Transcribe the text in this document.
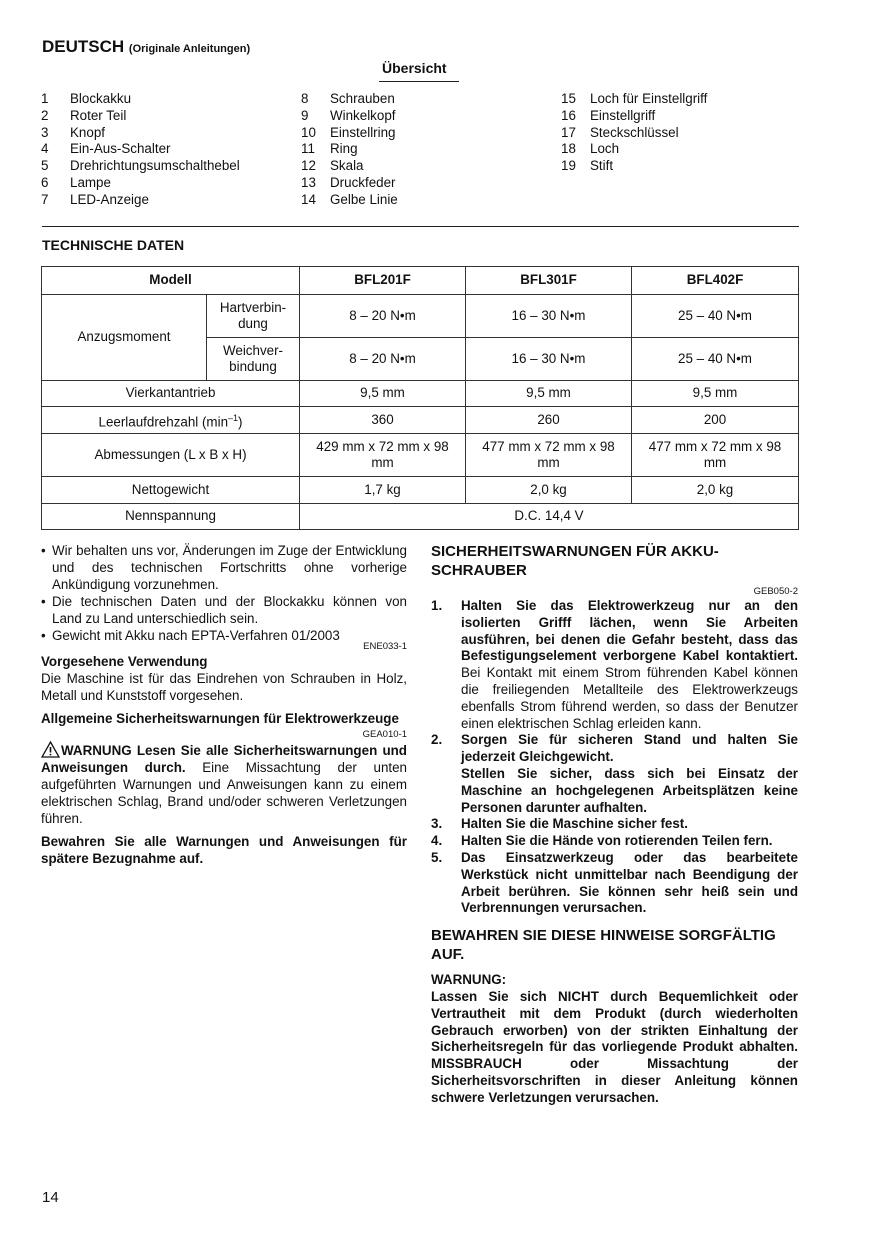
DEUTSCH (Originale Anleitungen)
Übersicht
1	Blockakku
2	Roter Teil
3	Knopf
4	Ein-Aus-Schalter
5	Drehrichtungsumschalthebel
6	Lampe
7	LED-Anzeige
8	Schrauben
9	Winkelkopf
10	Einstellring
11	Ring
12	Skala
13	Druckfeder
14	Gelbe Linie
15	Loch für Einstellgriff
16	Einstellgriff
17	Steckschlüssel
18	Loch
19	Stift
TECHNISCHE DATEN
Modell		BFL201F	BFL301F	BFL402F
Anzugsmoment	Hartverbin-dung	8 – 20 N•m	16 – 30 N•m	25 – 40 N•m
	Weichver-bindung	8 – 20 N•m	16 – 30 N•m	25 – 40 N•m
Vierkantantrieb		9,5 mm	9,5 mm	9,5 mm
Leerlaufdrehzahl $(\min^{-1})$		360	260	200
Abmessungen (L x B x H)		429 mm x 72 mm x 98 mm	477 mm x 72 mm x 98 mm	477 mm x 72 mm x 98 mm
Nettogewicht		1,7 kg	2,0 kg	2,0 kg
Nennspannung		D.C. 14,4 V		
• Wir behalten uns vor, Änderungen im Zuge der Entwicklung und des technischen Fortschritts ohne vorherige Ankündigung vorzunehmen.
• Die technischen Daten und der Blockakku können von Land zu Land unterschiedlich sein.
• Gewicht mit Akku nach EPTA-Verfahren 01/2003
ENE033-1
Vorgesehene Verwendung
Die Maschine ist für das Eindrehen von Schrauben in Holz, Metall und Kunststoff vorgesehen.
Allgemeine Sicherheitswarnungen für Elektrowerkzeuge
GEA010-1
WARNUNG Lesen Sie alle Sicherheitswarnungen und Anweisungen durch. Eine Missachtung der unten aufgeführten Warnungen und Anweisungen kann zu einem elektrischen Schlag, Brand und/oder schweren Verletzungen führen.
Bewahren Sie alle Warnungen und Anweisungen für spätere Bezugnahme auf.
SICHERHEITSWARNUNGEN FÜR AKKU-SCHRAUBER
GEB050-2
1.	Halten Sie das Elektrowerkzeug nur an den isolierten Grifff lächen, wenn Sie Arbeiten ausführen, bei denen die Gefahr besteht, dass das Befestigungselement verborgene Kabel kontaktiert. Bei Kontakt mit einem Strom führenden Kabel können die freiliegenden Metallteile des Elektrowerkzeugs ebenfalls Strom führend werden, so dass der Benutzer einen elektrischen Schlag erleiden kann.
2.	Sorgen Sie für sicheren Stand und halten Sie jederzeit Gleichgewicht.
Stellen Sie sicher, dass sich bei Einsatz der Maschine an hochgelegenen Arbeitsplätzen keine Personen darunter aufhalten.
3.	Halten Sie die Maschine sicher fest.
4.	Halten Sie die Hände von rotierenden Teilen fern.
5.	Das Einsatzwerkzeug oder das bearbeitete Werkstück nicht unmittelbar nach Beendigung der Arbeit berühren. Sie können sehr heiß sein und Verbrennungen verursachen.
BEWAHREN SIE DIESE HINWEISE SORGFÄLTIG AUF.
WARNUNG:
Lassen Sie sich NICHT durch Bequemlichkeit oder Vertrautheit mit dem Produkt (durch wiederholten Gebrauch erworben) von der strikten Einhaltung der Sicherheitsregeln für das vorliegende Produkt abhalten. MISSBRAUCH oder Missachtung der Sicherheitsvorschriften in dieser Anleitung können schwere Verletzungen verursachen.
14
